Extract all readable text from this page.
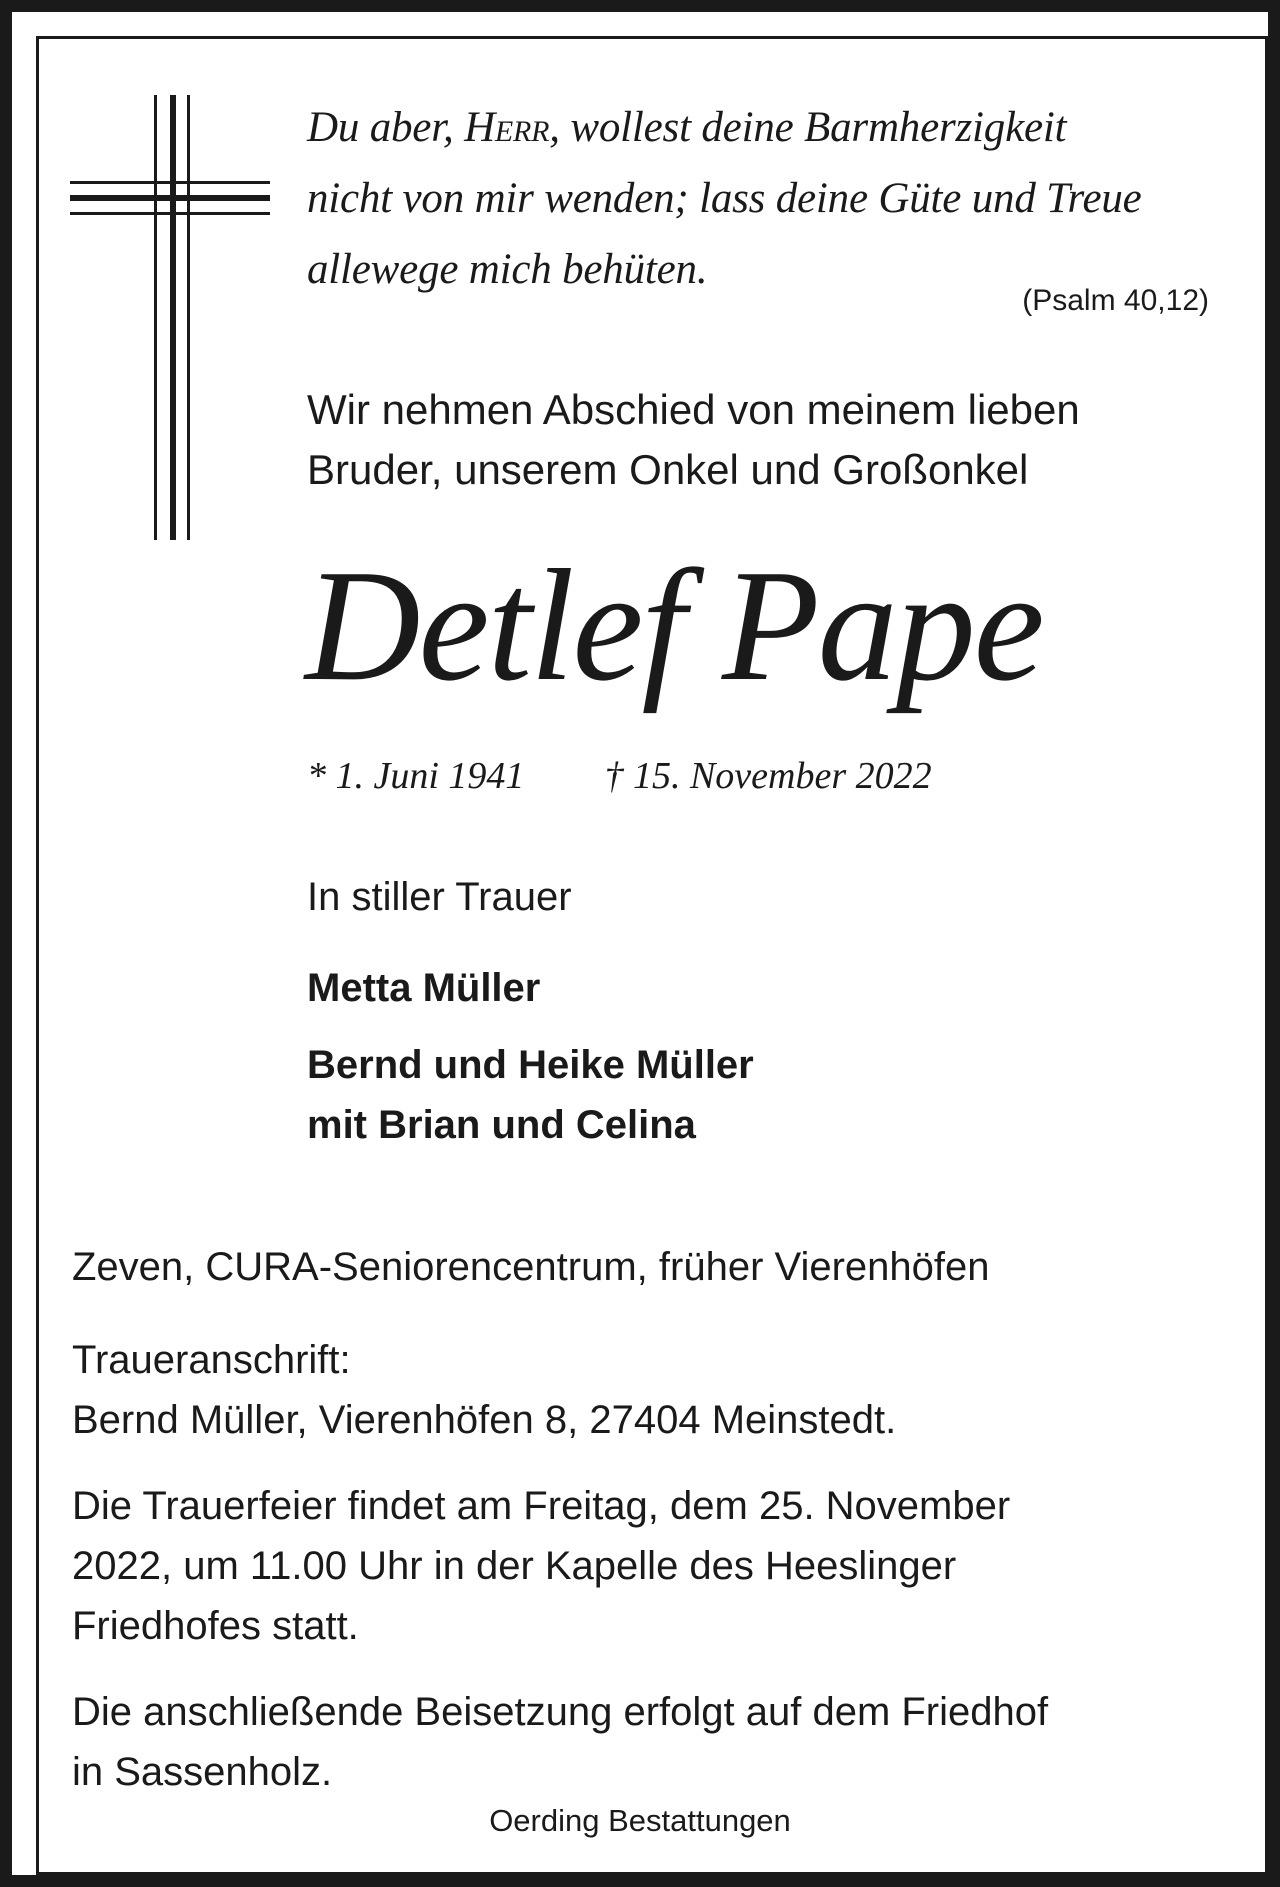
Du aber, Herr, wollest deine Barmherzigkeit
nicht von mir wenden; lass deine Güte und Treue
allewege mich behüten.
(Psalm 40,12)
Wir nehmen Abschied von meinem lieben
Bruder, unserem Onkel und Großonkel
Detlef Pape
* 1. Juni 1941 † 15. November 2022
In stiller Trauer
Metta Müller
Bernd und Heike Müller
mit Brian und Celina
Zeven, CURA-Seniorencentrum, früher Vierenhöfen
Traueranschrift:
Bernd Müller, Vierenhöfen 8, 27404 Meinstedt.
Die Trauerfeier findet am Freitag, dem 25. November
2022, um 11.00 Uhr in der Kapelle des Heeslinger
Friedhofes statt.
Die anschließende Beisetzung erfolgt auf dem Friedhof
in Sassenholz.
Oerding Bestattungen
